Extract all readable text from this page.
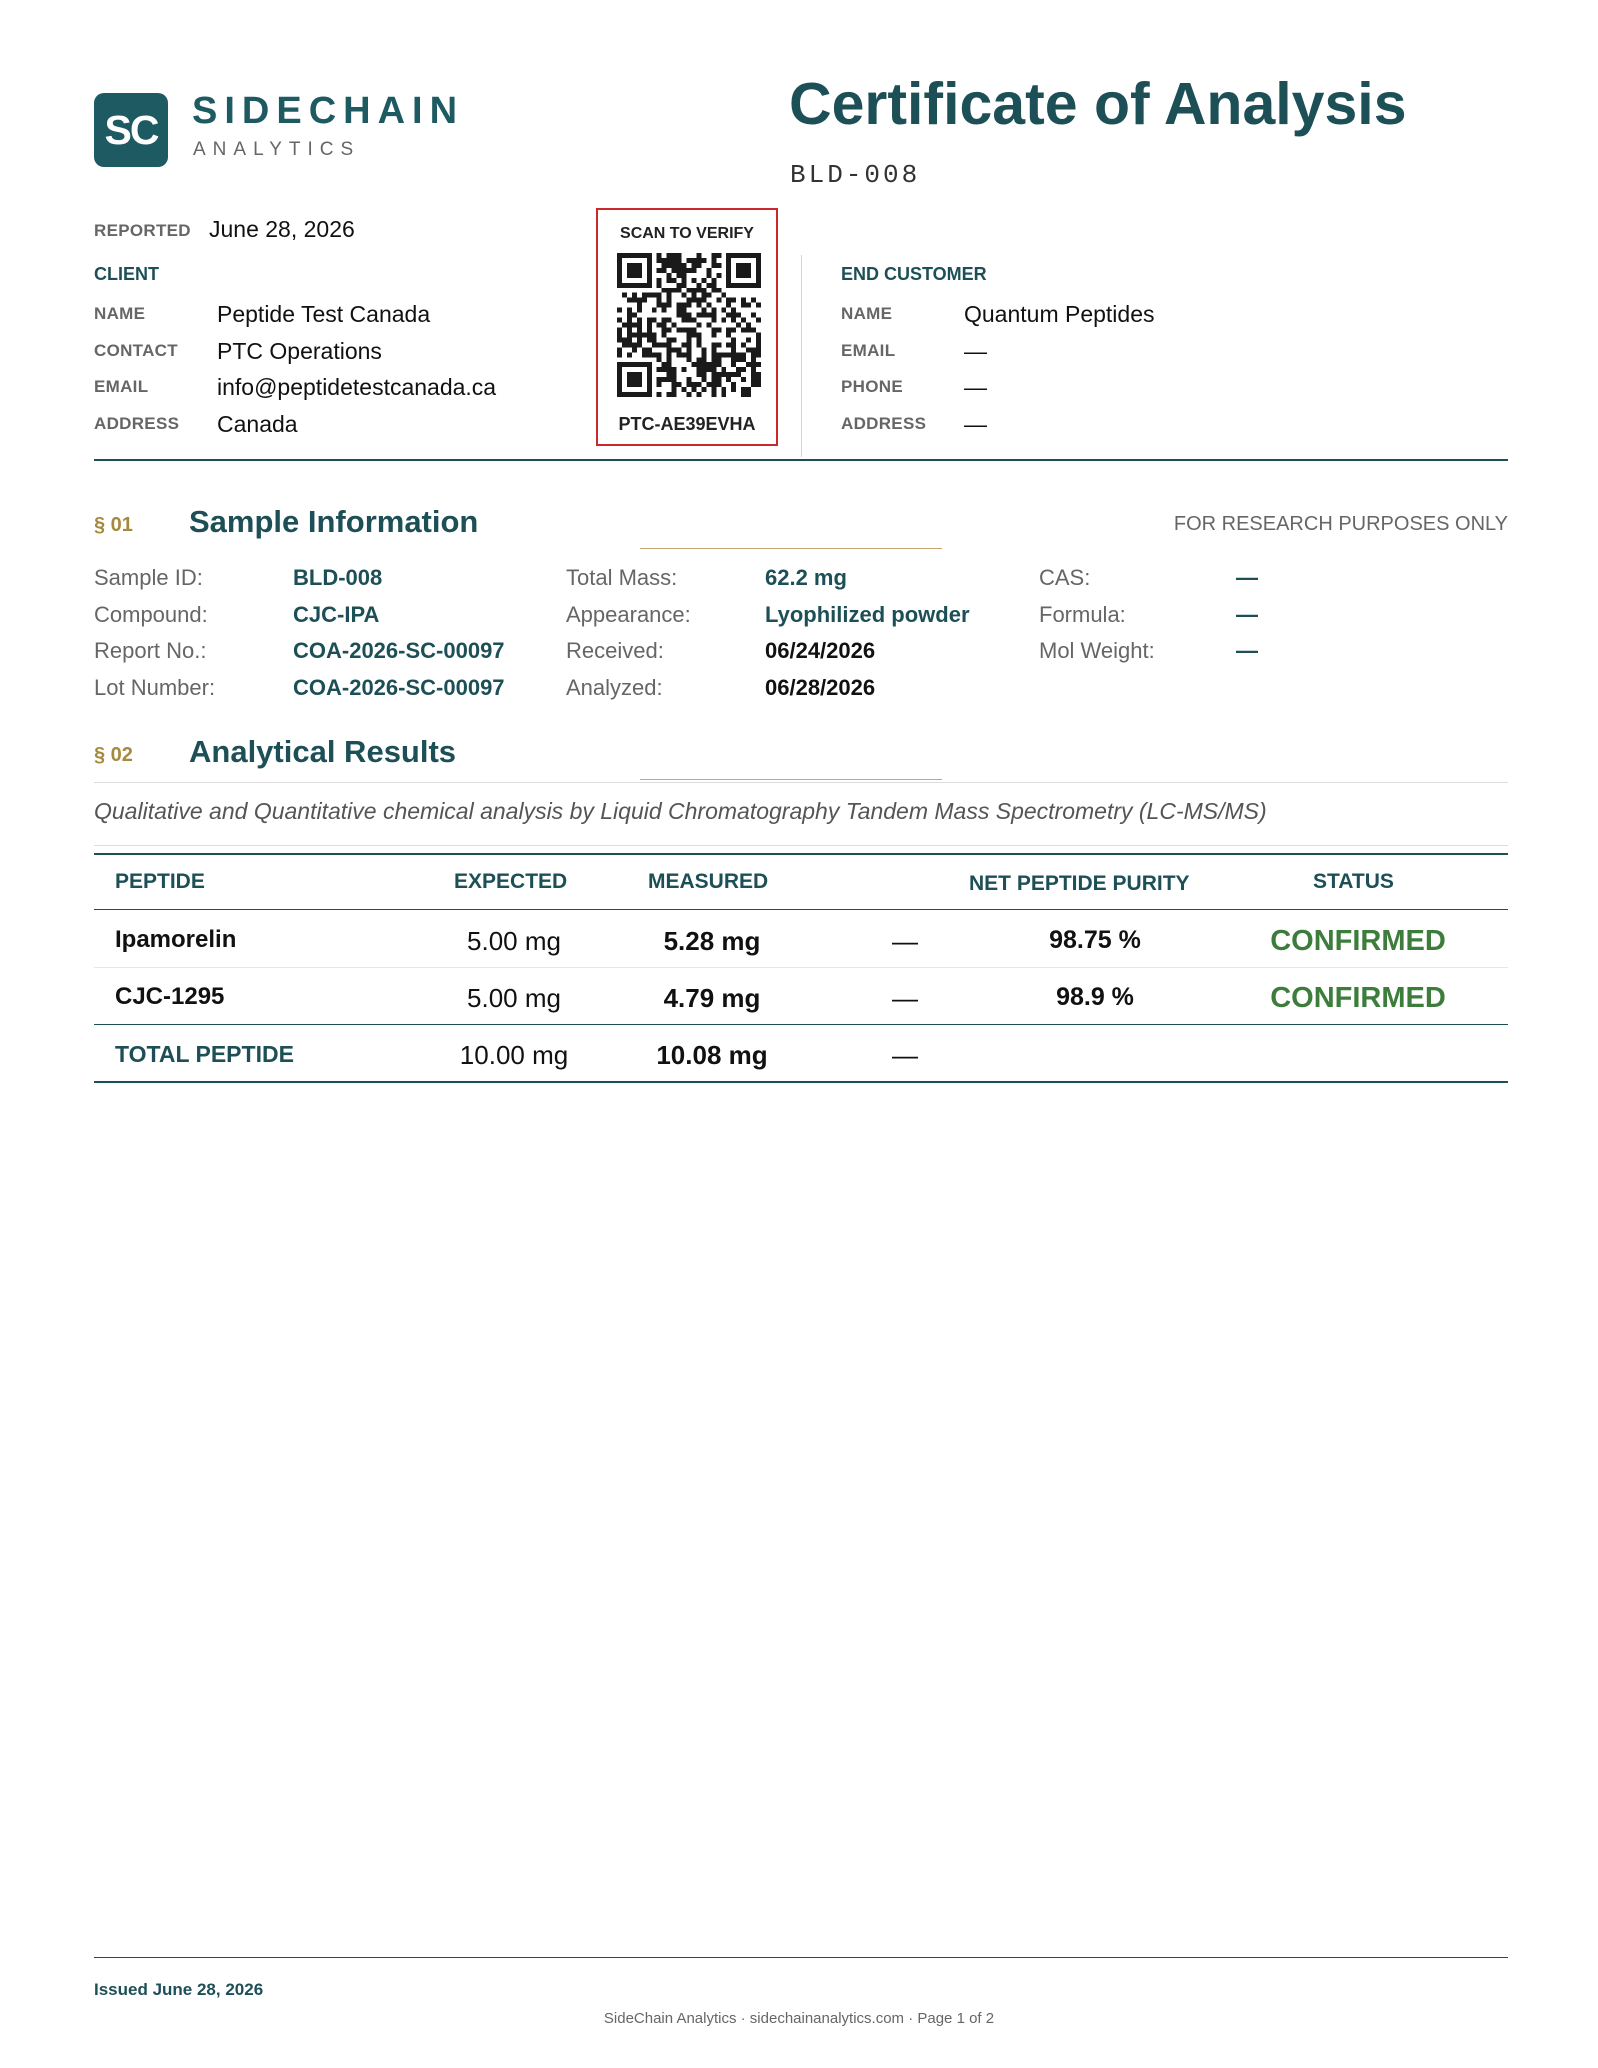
SC SIDECHAIN
ANALYTICS
Certificate of Analysis
BLD-008
REPORTED June 28, 2026
CLIENT
NAME	Peptide Test Canada
CONTACT PTC Operations
EMAIL	info@peptidetestcanada.ca
ADDRESS Canada
SCAN TO VERIFY
PTC-AE39EVHA
END CUSTOMER
NAME	Quantum Peptides
EMAIL	—
PHONE	—
ADDRESS —
§ 01 Sample Information	FOR RESEARCH PURPOSES ONLY
Sample ID:	BLD-008
Compound:	CJC-IPA
Report No.:	COA-2026-SC-00097
Lot Number:	COA-2026-SC-00097
Total Mass:	62.2 mg
Appearance:	Lyophilized powder
Received:	06/24/2026
Analyzed:	06/28/2026
CAS:	—
Formula:	—
Mol Weight:	—
§ 02 Analytical Results
Qualitative and Quantitative chemical analysis by Liquid Chromatography Tandem Mass Spectrometry (LC-MS/MS)
PEPTIDE	EXPECTED	MEASURED	NET PEPTIDE PURITY	STATUS
Ipamorelin	5.00 mg	5.28 mg	—	98.75 %	CONFIRMED
CJC-1295	5.00 mg	4.79 mg	—	98.9 %	CONFIRMED
TOTAL PEPTIDE	10.00 mg	10.08 mg	—
Issued June 28, 2026
SideChain Analytics · sidechainanalytics.com · Page 1 of 2
